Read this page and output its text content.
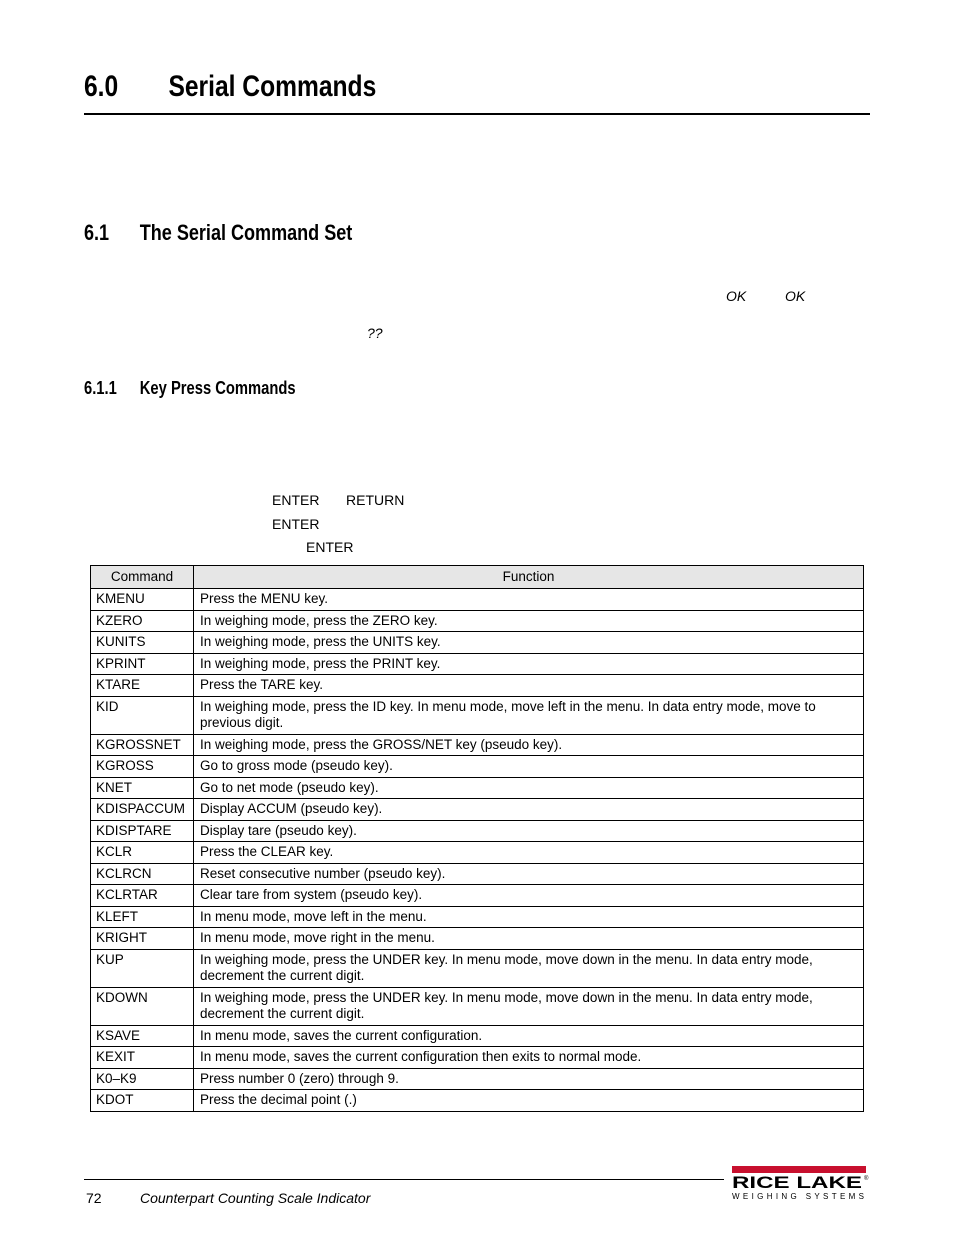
6.0 Serial Commands
6.1 The Serial Command Set
OK	OK
??
6.1.1 Key Press Commands
ENTER RETURN
ENTER
ENTER
Command	Function
KMENU	Press the MENU key.
KZERO	In weighing mode, press the ZERO key.
KUNITS	In weighing mode, press the UNITS key.
KPRINT	In weighing mode, press the PRINT key.
KTARE	Press the TARE key.
KID	In weighing mode, press the ID key. In menu mode, move left in the menu. In data entry mode, move to previous digit.
KGROSSNET	In weighing mode, press the GROSS/NET key (pseudo key).
KGROSS	Go to gross mode (pseudo key).
KNET	Go to net mode (pseudo key).
KDISPACCUM	Display ACCUM (pseudo key).
KDISPTARE	Display tare (pseudo key).
KCLR	Press the CLEAR key.
KCLRCN	Reset consecutive number (pseudo key).
KCLRTAR	Clear tare from system (pseudo key).
KLEFT	In menu mode, move left in the menu.
KRIGHT	In menu mode, move right in the menu.
KUP	In weighing mode, press the UNDER key. In menu mode, move down in the menu. In data entry mode, decrement the current digit.
KDOWN	In weighing mode, press the UNDER key. In menu mode, move down in the menu. In data entry mode, decrement the current digit.
KSAVE	In menu mode, saves the current configuration.
KEXIT	In menu mode, saves the current configuration then exits to normal mode.
K0–K9	Press number 0 (zero) through 9.
KDOT	Press the decimal point (.)
72	Counterpart Counting Scale Indicator
RICE LAKE ®
WEIGHING SYSTEMS
